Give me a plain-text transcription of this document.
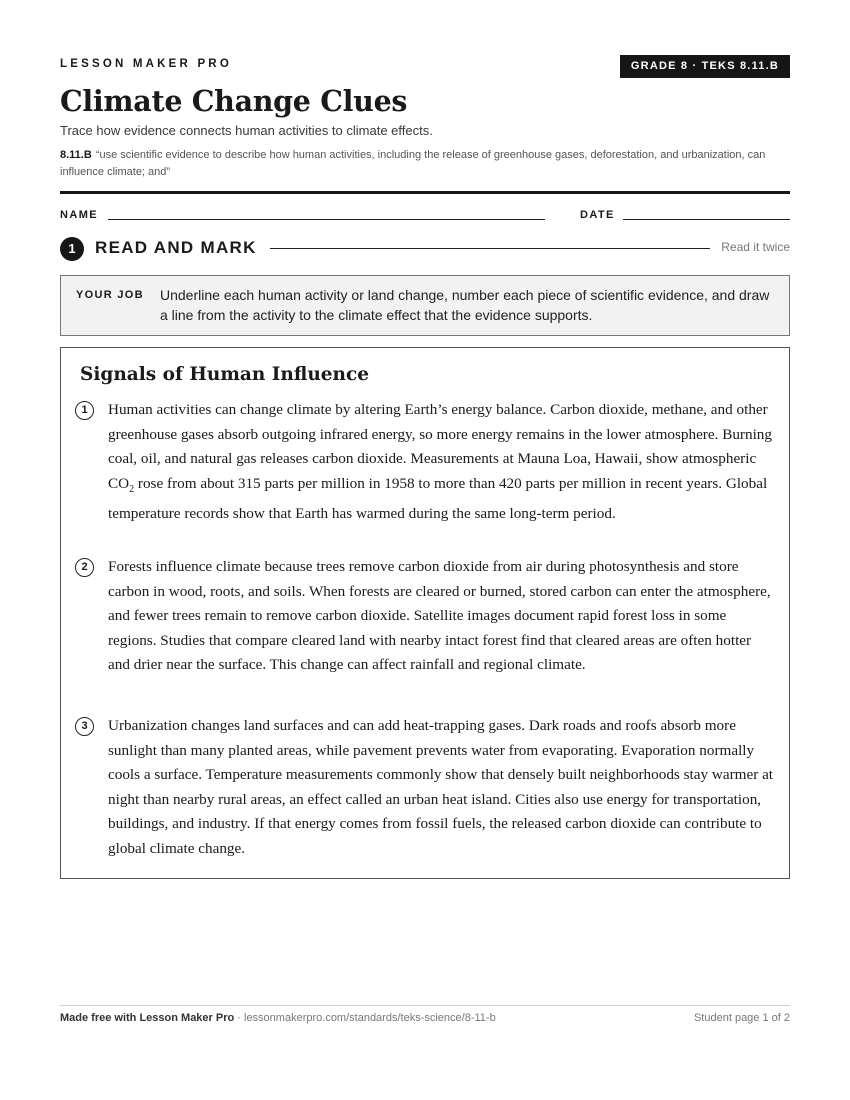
LESSON MAKER PRO	GRADE 8 · TEKS 8.11.B
Climate Change Clues
Trace how evidence connects human activities to climate effects.
8.11.B “use scientific evidence to describe how human activities, including the release of greenhouse gases, deforestation, and urbanization, can influence climate; and”
NAME	DATE
1	READ AND MARK	Read it twice
YOUR JOB Underline each human activity or land change, number each piece of scientific evidence, and draw a line from the activity to the climate effect that the evidence supports.
Signals of Human Influence
1	Human activities can change climate by altering Earth’s energy balance. Carbon dioxide, methane, and other greenhouse gases absorb outgoing infrared energy, so more energy remains in the lower atmosphere. Burning coal, oil, and natural gas releases carbon dioxide. Measurements at Mauna Loa, Hawaii, show atmospheric $CO_2$ rose from about 315 parts per million in 1958 to more than 420 parts per million in recent years. Global temperature records show that Earth has warmed during the same long-term period.

2	Forests influence climate because trees remove carbon dioxide from air during photosynthesis and store carbon in wood, roots, and soils. When forests are cleared or burned, stored carbon can enter the atmosphere, and fewer trees remain to remove carbon dioxide. Satellite images document rapid forest loss in some regions. Studies that compare cleared land with nearby intact forest find that cleared areas are often hotter and drier near the surface. This change can affect rainfall and regional climate.

3	Urbanization changes land surfaces and can add heat-trapping gases. Dark roads and roofs absorb more sunlight than many planted areas, while pavement prevents water from evaporating. Evaporation normally cools a surface. Temperature measurements commonly show that densely built neighborhoods stay warmer at night than nearby rural areas, an effect called an urban heat island. Cities also use energy for transportation, buildings, and industry. If that energy comes from fossil fuels, the released carbon dioxide can contribute to global climate change.

Made free with Lesson Maker Pro · lessonmakerpro.com/standards/teks-science/8-11-b	Student page 1 of 2
